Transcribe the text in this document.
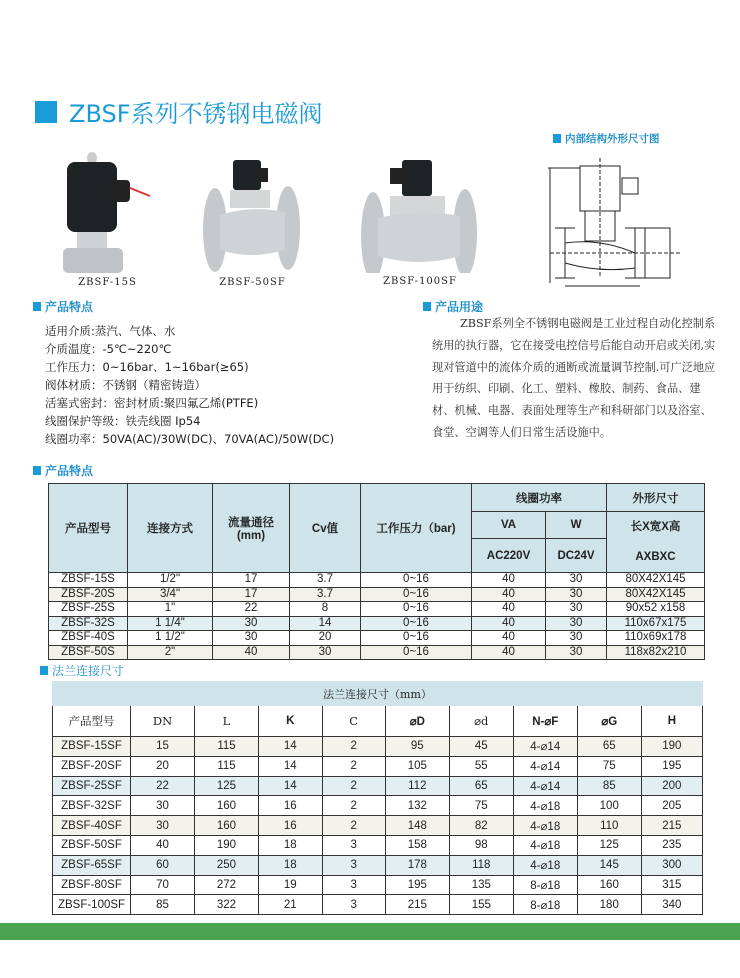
ZBSF系列不锈钢电磁阀
ZBSF-15S	ZBSF-50SF	ZBSF-100SF
内部结构外形尺寸图
产品特点
适用介质:蒸汽、气体、水
介质温度：-5℃~220℃
工作压力：0~16bar、1~16bar(≥65)
阀体材质：不锈钢（精密铸造）
活塞式密封：密封材质:聚四氟乙烯(PTFE)
线圈保护等级：铁壳线圈 Ip54
线圈功率：50VA(AC)/30W(DC)、70VA(AC)/50W(DC)
产品用途

ZBSF系列全不锈钢电磁阀是工业过程自动化控制系统用的执行器，它在接受电控信号后能自动开启或关闭,实现对管道中的流体介质的通断或流量调节控制.可广泛地应用于纺织、印刷、化工、塑料、橡胶、制药、食品、建材、机械、电器、表面处理等生产和科研部门以及浴室、食堂、空调等人们日常生活设施中。

产品特点
产品型号	连接方式	流量通径
(mm)	Cv值	工作压力（bar)	线圈功率		外形尺寸
					VA	W	长X宽X高
AXBXC
					AC220V	DC24V	
ZBSF-15S	1/2"	17	3.7	0~16	40	30	80X42X145
ZBSF-20S	3/4"	17	3.7	0~16	40	30	80X42X145
ZBSF-25S	1"	22	8	0~16	40	30	90x52 x158
ZBSF-32S	1 1/4"	30	14	0~16	40	30	110x67x175
ZBSF-40S	1 1/2"	30	20	0~16	40	30	110x69x178
ZBSF-50S	2"	40	30	0~16	40	30	118x82x210
法兰连接尺寸
法兰连接尺寸（mm）									
产品型号	DN	L	K	C	⌀D	⌀d	N-⌀F	⌀G	H
ZBSF-15SF	15	115	14	2	95	45	4-⌀14	65	190
ZBSF-20SF	20	115	14	2	105	55	4-⌀14	75	195
ZBSF-25SF	22	125	14	2	112	65	4-⌀14	85	200
ZBSF-32SF	30	160	16	2	132	75	4-⌀18	100	205
ZBSF-40SF	30	160	16	2	148	82	4-⌀18	110	215
ZBSF-50SF	40	190	18	3	158	98	4-⌀18	125	235
ZBSF-65SF	60	250	18	3	178	118	4-⌀18	145	300
ZBSF-80SF	70	272	19	3	195	135	8-⌀18	160	315
ZBSF-100SF	85	322	21	3	215	155	8-⌀18	180	340
